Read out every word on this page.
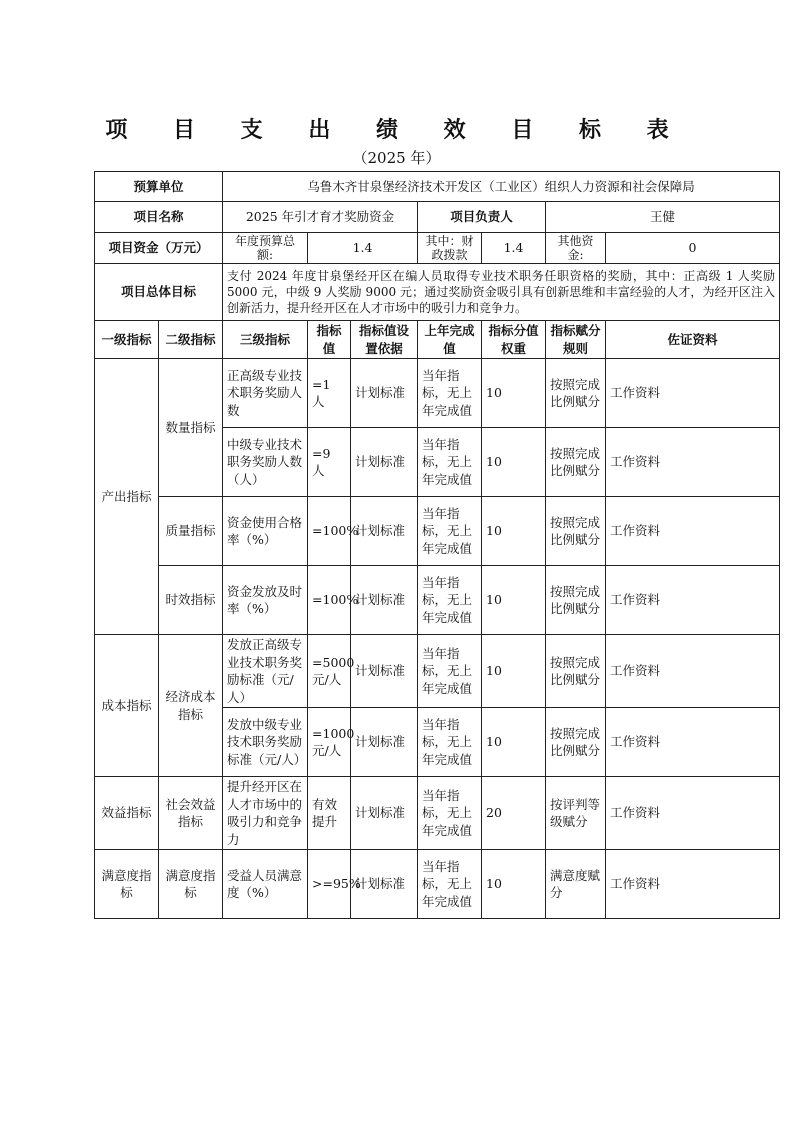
项 目 支 出 绩 效 目 标 表
（2025 年）
预算单位		乌鲁木齐甘泉堡经济技术开发区（工业区）组织人力资源和社会保障局						
项目名称		2025 年引才育才奖励资金			项目负责人		王健	
项目资金（万元）		年度预算总额:	1.4		其中：财政拨款	1.4	其他资金:	0
项目总体目标		支付 2024 年度甘泉堡经开区在编人员取得专业技术职务任职资格的奖励，其中：正高级 1 人奖励 5000 元，中级 9 人奖励 9000 元；通过奖励资金吸引具有创新思维和丰富经验的人才，为经开区注入创新活力，提升经开区在人才市场中的吸引力和竞争力。						
一级指标	二级指标	三级指标	指标值	指标值设置依据	上年完成值	指标分值权重	指标赋分规则	佐证资料
产出指标	数量指标	正高级专业技术职务奖励人数	=1 人	计划标准	当年指标，无上年完成值	10	按照完成比例赋分	工作资料
		中级专业技术职务奖励人数（人）	=9 人	计划标准	当年指标，无上年完成值	10	按照完成比例赋分	工作资料
	质量指标	资金使用合格率（%）	=100%	计划标准	当年指标，无上年完成值	10	按照完成比例赋分	工作资料
	时效指标	资金发放及时率（%）	=100%	计划标准	当年指标，无上年完成值	10	按照完成比例赋分	工作资料
成本指标	经济成本指标	发放正高级专业技术职务奖励标准（元/人）	=5000 元/人	计划标准	当年指标，无上年完成值	10	按照完成比例赋分	工作资料
		发放中级专业技术职务奖励标准（元/人）	=1000 元/人	计划标准	当年指标，无上年完成值	10	按照完成比例赋分	工作资料
效益指标	社会效益指标	提升经开区在人才市场中的吸引力和竞争力	有效提升	计划标准	当年指标，无上年完成值	20	按评判等级赋分	工作资料
满意度指标	满意度指标	受益人员满意度（%）	>=95%	计划标准	当年指标，无上年完成值	10	满意度赋分	工作资料
